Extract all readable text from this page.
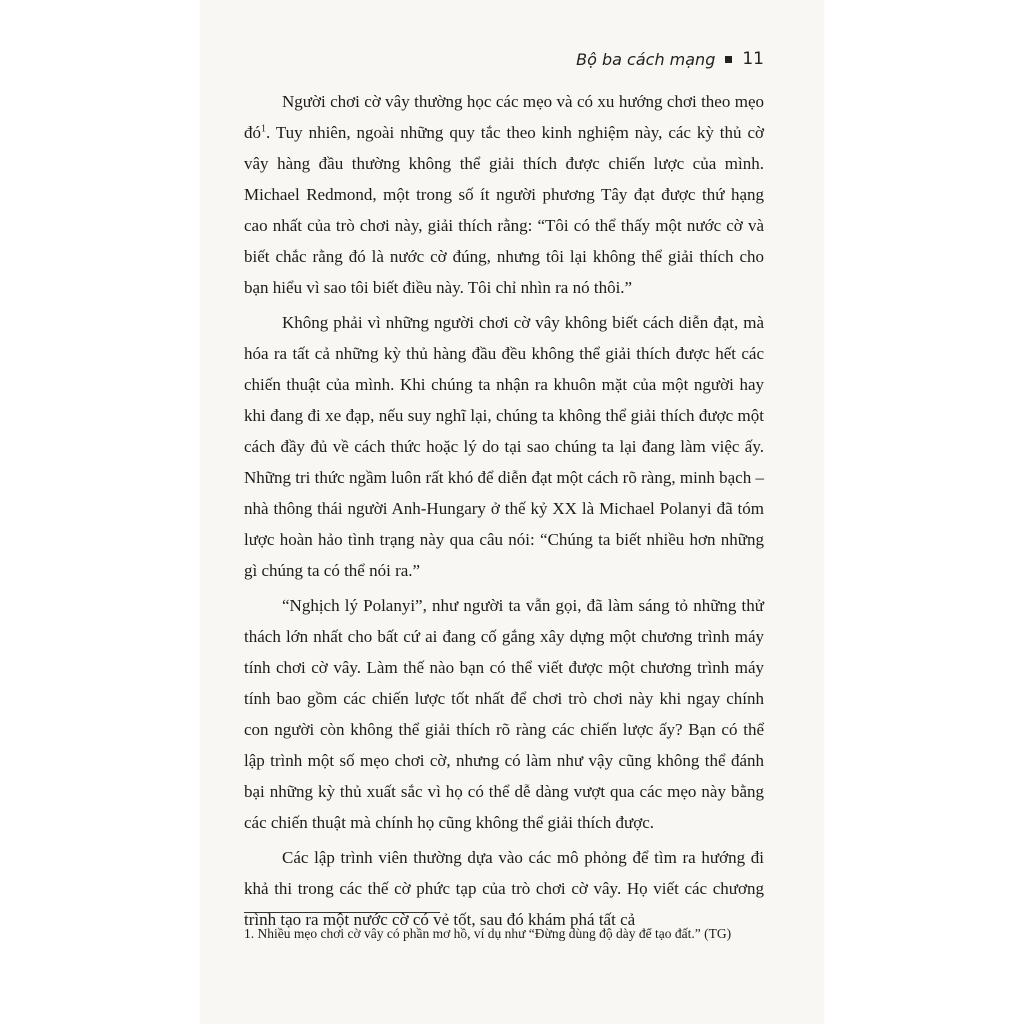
Bộ ba cách mạng 11

Người chơi cờ vây thường học các mẹo và có xu hướng chơi theo mẹo $đó^1$. Tuy nhiên, ngoài những quy tắc theo kinh nghiệm này, các kỳ thủ cờ vây hàng đầu thường không thể giải thích được chiến lược của mình. Michael Redmond, một trong số ít người phương Tây đạt được thứ hạng cao nhất của trò chơi này, giải thích rằng: “Tôi có thể thấy một nước cờ và biết chắc rằng đó là nước cờ đúng, nhưng tôi lại không thể giải thích cho bạn hiểu vì sao tôi biết điều này. Tôi chỉ nhìn ra nó thôi.”

Không phải vì những người chơi cờ vây không biết cách diễn đạt, mà hóa ra tất cả những kỳ thủ hàng đầu đều không thể giải thích được hết các chiến thuật của mình. Khi chúng ta nhận ra khuôn mặt của một người hay khi đang đi xe đạp, nếu suy nghĩ lại, chúng ta không thể giải thích được một cách đầy đủ về cách thức hoặc lý do tại sao chúng ta lại đang làm việc ấy. Những tri thức ngầm luôn rất khó để diễn đạt một cách rõ ràng, minh bạch – nhà thông thái người Anh-Hungary ở thế kỷ XX là Michael Polanyi đã tóm lược hoàn hảo tình trạng này qua câu nói: “Chúng ta biết nhiều hơn những gì chúng ta có thể nói ra.”

“Nghịch lý Polanyi”, như người ta vẫn gọi, đã làm sáng tỏ những thử thách lớn nhất cho bất cứ ai đang cố gắng xây dựng một chương trình máy tính chơi cờ vây. Làm thế nào bạn có thể viết được một chương trình máy tính bao gồm các chiến lược tốt nhất để chơi trò chơi này khi ngay chính con người còn không thể giải thích rõ ràng các chiến lược ấy? Bạn có thể lập trình một số mẹo chơi cờ, nhưng có làm như vậy cũng không thể đánh bại những kỳ thủ xuất sắc vì họ có thể dễ dàng vượt qua các mẹo này bằng các chiến thuật mà chính họ cũng không thể giải thích được.

Các lập trình viên thường dựa vào các mô phỏng để tìm ra hướng đi khả thi trong các thế cờ phức tạp của trò chơi cờ vây. Họ viết các chương trình tạo ra một nước cờ có vẻ tốt, sau đó khám phá tất cả

1. Nhiều mẹo chơi cờ vây có phần mơ hồ, ví dụ như “Đừng dùng độ dày để tạo đất.” (TG)
